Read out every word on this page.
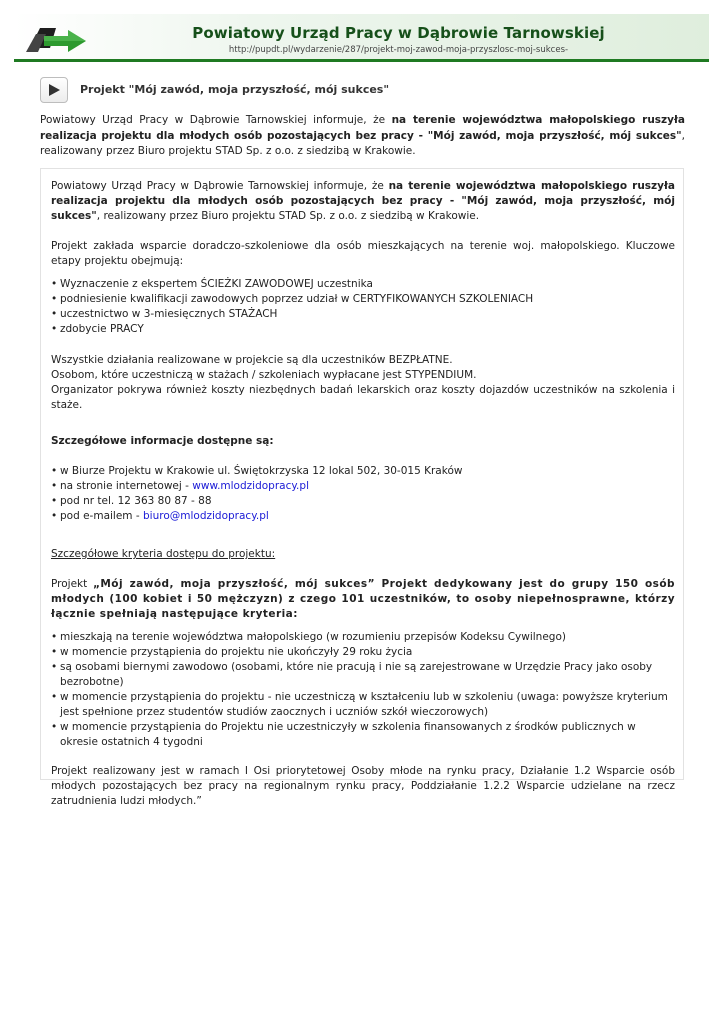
Powiatowy Urząd Pracy w Dąbrowie Tarnowskiej
http://pupdt.pl/wydarzenie/287/projekt-moj-zawod-moja-przyszlosc-moj-sukces-
Projekt "Mój zawód, moja przyszłość, mój sukces"
Powiatowy Urząd Pracy w Dąbrowie Tarnowskiej informuje, że na terenie województwa małopolskiego ruszyła realizacja projektu dla młodych osób pozostających bez pracy - "Mój zawód, moja przyszłość, mój sukces", realizowany przez Biuro projektu STAD Sp. z o.o. z siedzibą w Krakowie.

Powiatowy Urząd Pracy w Dąbrowie Tarnowskiej informuje, że na terenie województwa małopolskiego ruszyła realizacja projektu dla młodych osób pozostających bez pracy - "Mój zawód, moja przyszłość, mój sukces", realizowany przez Biuro projektu STAD Sp. z o.o. z siedzibą w Krakowie.

Projekt zakłada wsparcie doradczo-szkoleniowe dla osób mieszkających na terenie woj. małopolskiego. Kluczowe etapy projektu obejmują:

• Wyznaczenie z ekspertem ŚCIEŻKI ZAWODOWEJ uczestnika
• podniesienie kwalifikacji zawodowych poprzez udział w CERTYFIKOWANYCH SZKOLENIACH
• uczestnictwo w 3-miesięcznych STAŻACH
• zdobycie PRACY

Wszystkie działania realizowane w projekcie są dla uczestników BEZPŁATNE.
Osobom, które uczestniczą w stażach / szkoleniach wypłacane jest STYPENDIUM.
Organizator pokrywa również koszty niezbędnych badań lekarskich oraz koszty dojazdów uczestników na szkolenia i staże.

Szczegółowe informacje dostępne są:

• w Biurze Projektu w Krakowie ul. Świętokrzyska 12 lokal 502, 30-015 Kraków
• na stronie internetowej - www.mlodzidopracy.pl
• pod nr tel. 12 363 80 87 - 88
• pod e-mailem - biuro@mlodzidopracy.pl

Szczegółowe kryteria dostępu do projektu:

Projekt „Mój zawód, moja przyszłość, mój sukces” Projekt dedykowany jest do grupy 150 osób młodych (100 kobiet i 50 mężczyzn) z czego 101 uczestników, to osoby niepełnosprawne, którzy łącznie spełniają następujące kryteria:

• mieszkają na terenie województwa małopolskiego (w rozumieniu przepisów Kodeksu Cywilnego)
• w momencie przystąpienia do projektu nie ukończyły 29 roku życia
• są osobami biernymi zawodowo (osobami, które nie pracują i nie są zarejestrowane w Urzędzie Pracy jako osoby bezrobotne)
• w momencie przystąpienia do projektu - nie uczestniczą w kształceniu lub w szkoleniu (uwaga: powyższe kryterium jest spełnione przez studentów studiów zaocznych i uczniów szkół wieczorowych)
• w momencie przystąpienia do Projektu nie uczestniczyły w szkolenia finansowanych z środków publicznych w okresie ostatnich 4 tygodni

Projekt realizowany jest w ramach I Osi priorytetowej Osoby młode na rynku pracy, Działanie 1.2 Wsparcie osób młodych pozostających bez pracy na regionalnym rynku pracy, Poddziałanie 1.2.2 Wsparcie udzielane na rzecz zatrudnienia ludzi młodych.”
